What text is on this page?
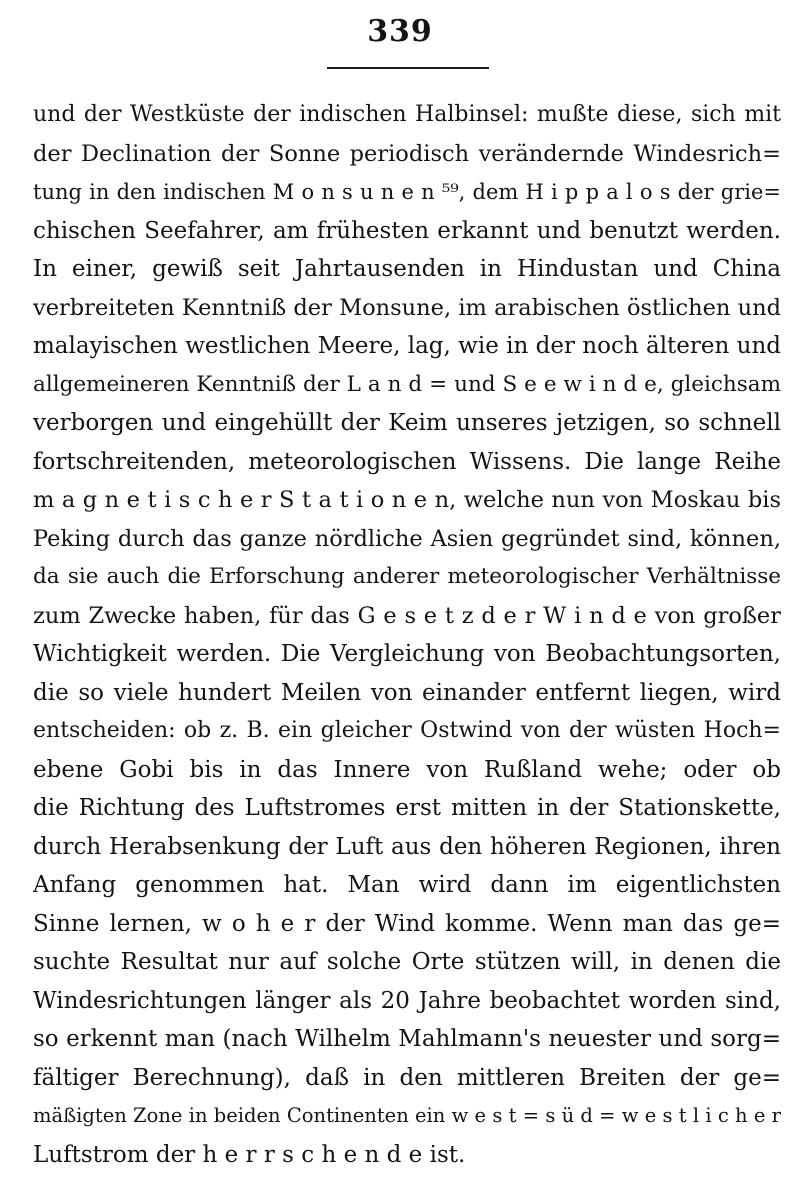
339
und der Westküste der indischen Halbinsel: mußte diese, sich mit
der Declination der Sonne periodisch verändernde Windesrich=
tung in den indischen M o n s u n e n ⁵⁹, dem H i p p a l o s der grie=
chischen Seefahrer, am frühesten erkannt und benutzt werden.
In einer, gewiß seit Jahrtausenden in Hindustan und China
verbreiteten Kenntniß der Monsune, im arabischen östlichen und
malayischen westlichen Meere, lag, wie in der noch älteren und
allgemeineren Kenntniß der L a n d = und S e e w i n d e, gleichsam
verborgen und eingehüllt der Keim unseres jetzigen, so schnell
fortschreitenden, meteorologischen Wissens. Die lange Reihe
m a g n e t i s c h e r S t a t i o n e n, welche nun von Moskau bis
Peking durch das ganze nördliche Asien gegründet sind, können,
da sie auch die Erforschung anderer meteorologischer Verhältnisse
zum Zwecke haben, für das G e s e t z d e r W i n d e von großer
Wichtigkeit werden. Die Vergleichung von Beobachtungsorten,
die so viele hundert Meilen von einander entfernt liegen, wird
entscheiden: ob z. B. ein gleicher Ostwind von der wüsten Hoch=
ebene Gobi bis in das Innere von Rußland wehe; oder ob
die Richtung des Luftstromes erst mitten in der Stationskette,
durch Herabsenkung der Luft aus den höheren Regionen, ihren
Anfang genommen hat. Man wird dann im eigentlichsten
Sinne lernen, w o h e r der Wind komme. Wenn man das ge=
suchte Resultat nur auf solche Orte stützen will, in denen die
Windesrichtungen länger als 20 Jahre beobachtet worden sind,
so erkennt man (nach Wilhelm Mahlmann's neuester und sorg=
fältiger Berechnung), daß in den mittleren Breiten der ge=
mäßigten Zone in beiden Continenten ein w e s t = s ü d = w e s t l i c h e r
Luftstrom der h e r r s c h e n d e ist.
